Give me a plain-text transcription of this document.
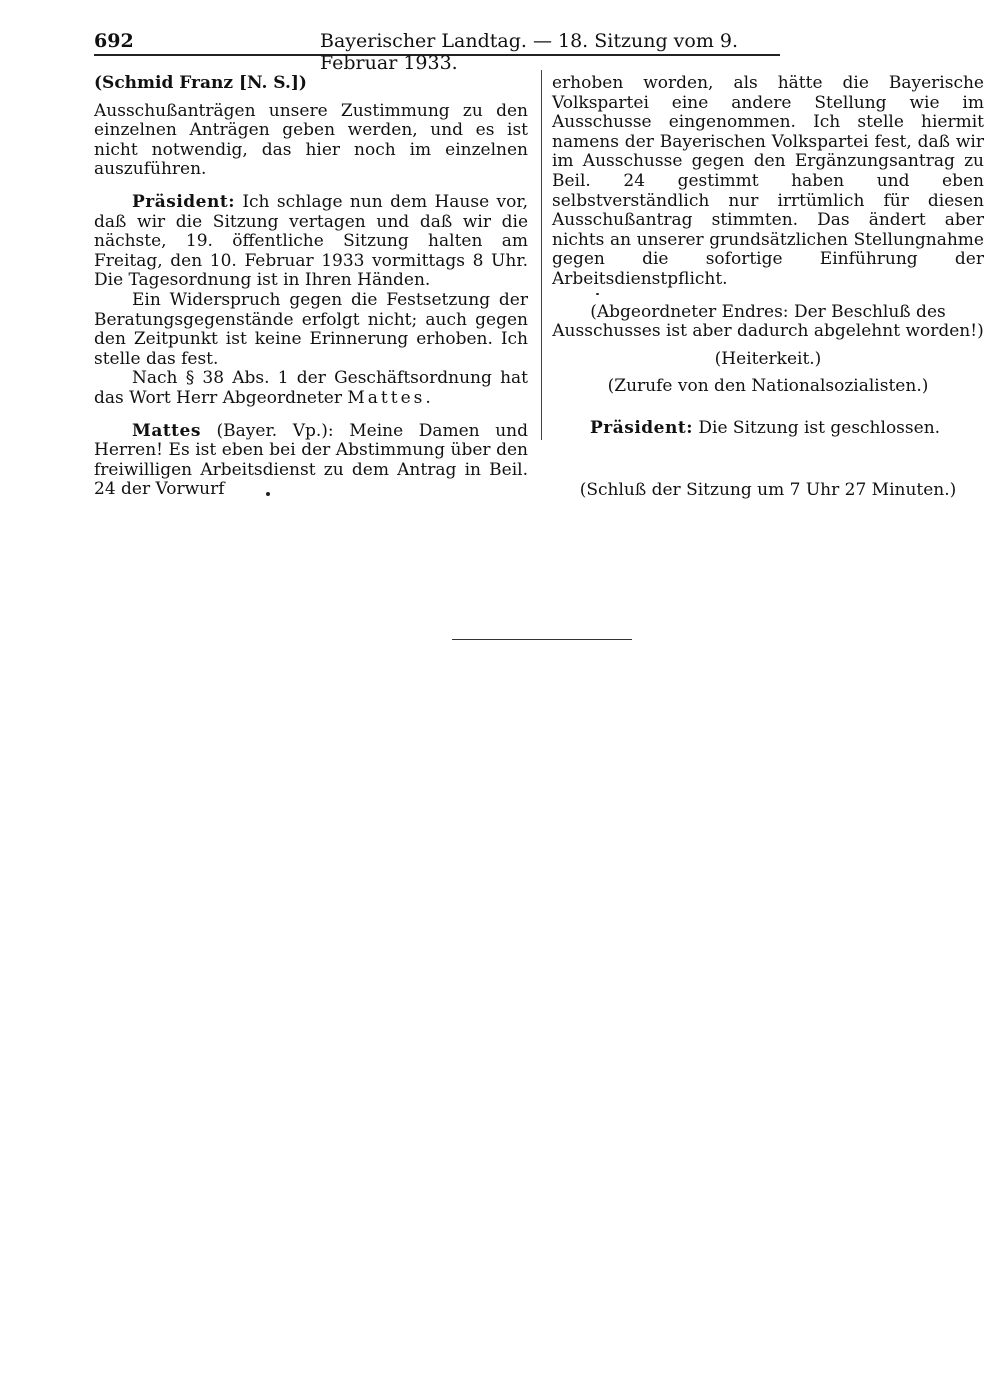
692	Bayerischer Landtag. — 18. Sitzung vom 9. Februar 1933.

(Schmid Franz [N. S.])

Ausschußanträgen unsere Zustimmung zu den einzelnen Anträgen geben werden, und es ist nicht notwendig, das hier noch im einzelnen auszuführen.

Präsident: Ich schlage nun dem Hause vor, daß wir die Sitzung vertagen und daß wir die nächste, 19. öffentliche Sitzung halten am Freitag, den 10. Februar 1933 vormittags 8 Uhr. Die Tagesordnung ist in Ihren Händen.

Ein Widerspruch gegen die Festsetzung der Beratungsgegenstände erfolgt nicht; auch gegen den Zeitpunkt ist keine Erinnerung erhoben. Ich stelle das fest.

Nach § 38 Abs. 1 der Geschäftsordnung hat das Wort Herr Abgeordneter Mattes.

Mattes (Bayer. Vp.): Meine Damen und Herren! Es ist eben bei der Abstimmung über den freiwilligen Arbeitsdienst zu dem Antrag in Beil. 24 der Vorwurf

erhoben worden, als hätte die Bayerische Volkspartei eine andere Stellung wie im Ausschusse eingenommen. Ich stelle hiermit namens der Bayerischen Volkspartei fest, daß wir im Ausschusse gegen den Ergänzungsantrag zu Beil. 24 gestimmt haben und eben selbstverständlich nur irrtümlich für diesen Ausschußantrag stimmten. Das ändert aber nichts an unserer grundsätzlichen Stellungnahme gegen die sofortige Einführung der Arbeitsdienstpflicht.

(Abgeordneter Endres: Der Beschluß des Ausschusses ist aber dadurch abgelehnt worden!)

(Heiterkeit.)

(Zurufe von den Nationalsozialisten.)

Präsident: Die Sitzung ist geschlossen.

(Schluß der Sitzung um 7 Uhr 27 Minuten.)
